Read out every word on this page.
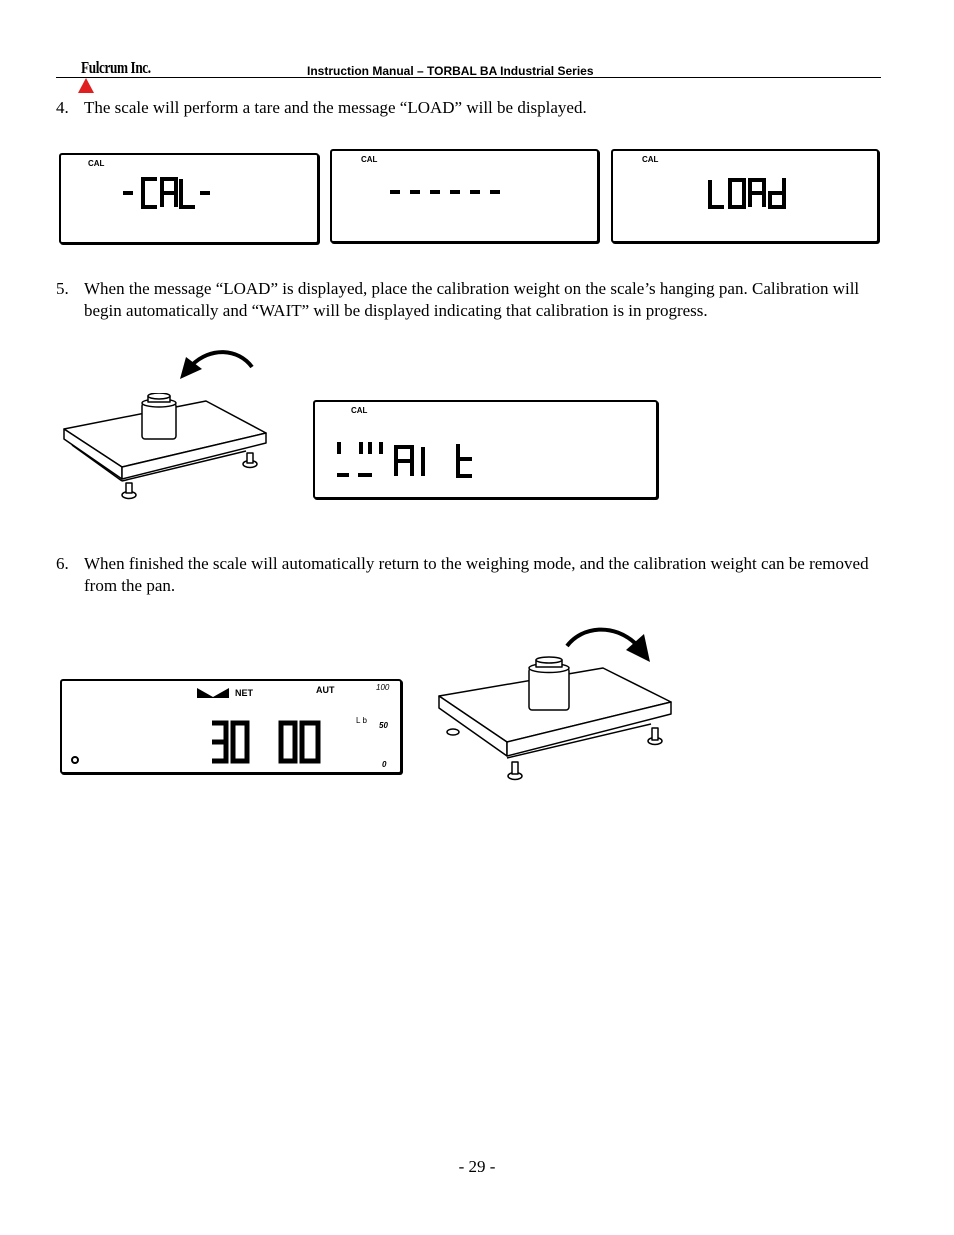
Fulcrum Inc.	Instruction Manual – TORBAL BA Industrial Series
4. The scale will perform a tare and the message “LOAD” will be displayed.
CAL	CAL	CAL
5. When the message “LOAD” is displayed, place the calibration weight on the scale’s hanging pan. Calibration will begin automatically and “WAIT” will be displayed indicating that calibration is in progress.
CAL
6. When finished the scale will automatically return to the weighing mode, and the calibration weight can be removed from the pan.
NET	AUT
Lb
100
50
0
- 29 -
